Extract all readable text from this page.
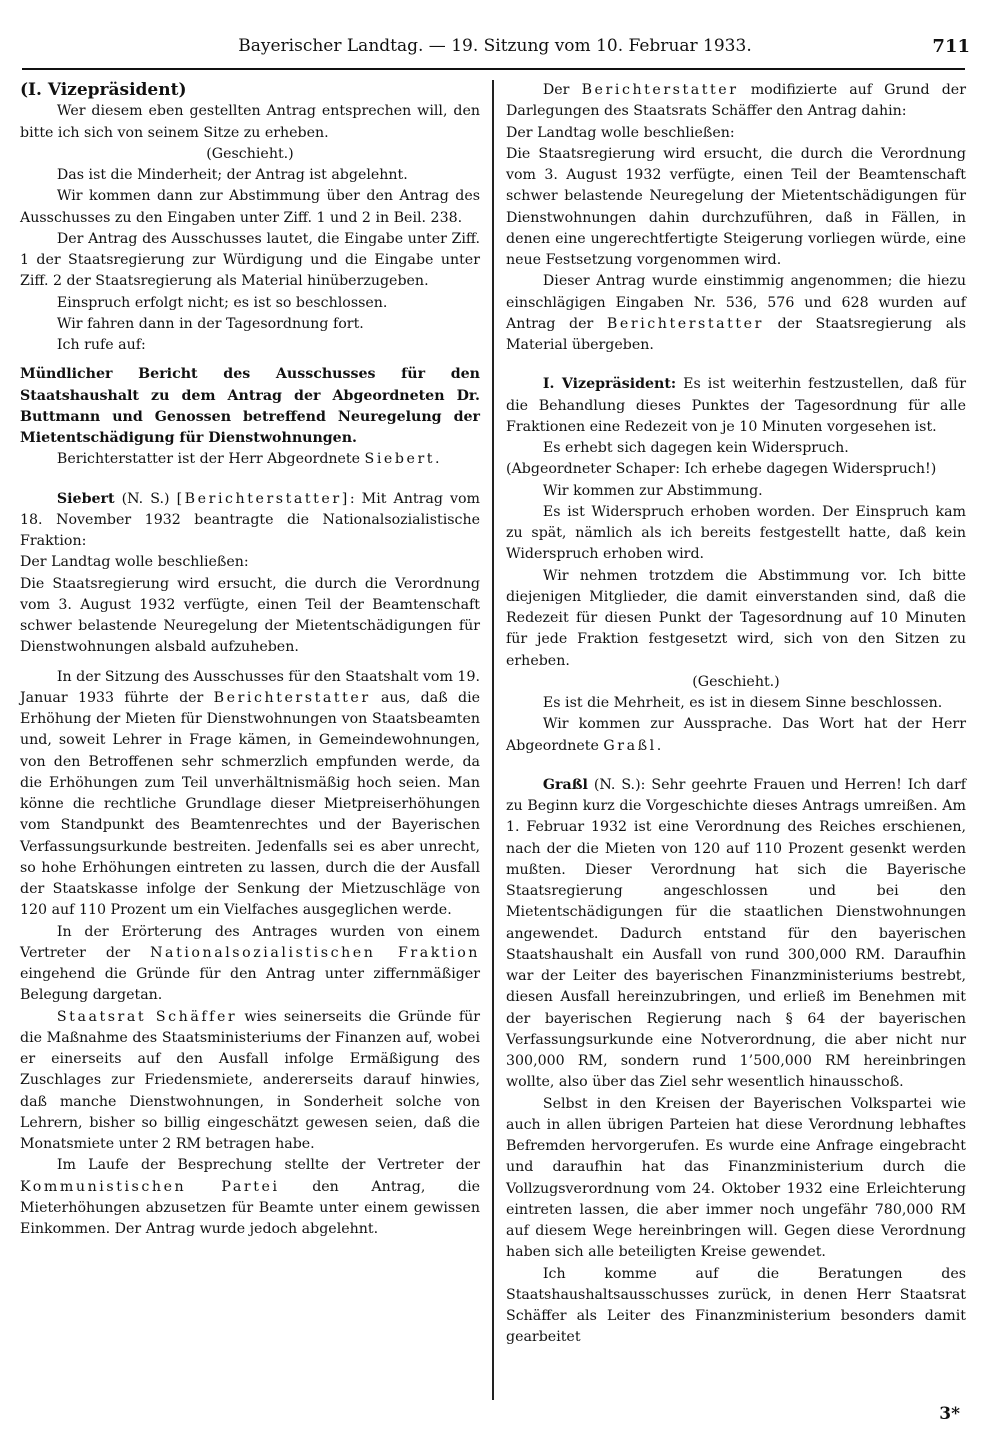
Bayerischer Landtag. — 19. Sitzung vom 10. Februar 1933.	711

(I. Vizepräsident)

Wer diesem eben gestellten Antrag entsprechen will, den bitte ich sich von seinem Sitze zu erheben.

(Geschieht.)

Das ist die Minderheit; der Antrag ist abgelehnt.

Wir kommen dann zur Abstimmung über den Antrag des Ausschusses zu den Eingaben unter Ziff. 1 und 2 in Beil. 238.

Der Antrag des Ausschusses lautet, die Eingabe unter Ziff. 1 der Staatsregierung zur Würdigung und die Eingabe unter Ziff. 2 der Staatsregierung als Material hinüberzugeben.

Einspruch erfolgt nicht; es ist so beschlossen.

Wir fahren dann in der Tagesordnung fort.

Ich rufe auf:

Mündlicher Bericht des Ausschusses für den Staatshaushalt zu dem Antrag der Abgeordneten Dr. Buttmann und Genossen betreffend Neuregelung der Mietentschädigung für Dienstwohnungen.

Berichterstatter ist der Herr Abgeordnete Siebert.

Siebert (N. S.) [Berichterstatter]: Mit Antrag vom 18. November 1932 beantragte die Nationalsozialistische Fraktion:

Der Landtag wolle beschließen:

Die Staatsregierung wird ersucht, die durch die Verordnung vom 3. August 1932 verfügte, einen Teil der Beamtenschaft schwer belastende Neuregelung der Mietentschädigungen für Dienstwohnungen alsbald aufzuheben.

In der Sitzung des Ausschusses für den Staatshalt vom 19. Januar 1933 führte der Berichterstatter aus, daß die Erhöhung der Mieten für Dienstwohnungen von Staatsbeamten und, soweit Lehrer in Frage kämen, in Gemeindewohnungen, von den Betroffenen sehr schmerzlich empfunden werde, da die Erhöhungen zum Teil unverhältnismäßig hoch seien. Man könne die rechtliche Grundlage dieser Mietpreiserhöhungen vom Standpunkt des Beamtenrechtes und der Bayerischen Verfassungsurkunde bestreiten. Jedenfalls sei es aber unrecht, so hohe Erhöhungen eintreten zu lassen, durch die der Ausfall der Staatskasse infolge der Senkung der Mietzuschläge von 120 auf 110 Prozent um ein Vielfaches ausgeglichen werde.

In der Erörterung des Antrages wurden von einem Vertreter der Nationalsozialistischen Fraktion eingehend die Gründe für den Antrag unter ziffernmäßiger Belegung dargetan.

Staatsrat Schäffer wies seinerseits die Gründe für die Maßnahme des Staatsministeriums der Finanzen auf, wobei er einerseits auf den Ausfall infolge Ermäßigung des Zuschlages zur Friedensmiete, andererseits darauf hinwies, daß manche Dienstwohnungen, in Sonderheit solche von Lehrern, bisher so billig eingeschätzt gewesen seien, daß die Monatsmiete unter 2 RM betragen habe.

Im Laufe der Besprechung stellte der Vertreter der Kommunistischen Partei den Antrag, die Mieterhöhungen abzusetzen für Beamte unter einem gewissen Einkommen. Der Antrag wurde jedoch abgelehnt.

Der Berichterstatter modifizierte auf Grund der Darlegungen des Staatsrats Schäffer den Antrag dahin:

Der Landtag wolle beschließen:

Die Staatsregierung wird ersucht, die durch die Verordnung vom 3. August 1932 verfügte, einen Teil der Beamtenschaft schwer belastende Neuregelung der Mietentschädigungen für Dienstwohnungen dahin durchzuführen, daß in Fällen, in denen eine ungerechtfertigte Steigerung vorliegen würde, eine neue Festsetzung vorgenommen wird.

Dieser Antrag wurde einstimmig angenommen; die hiezu einschlägigen Eingaben Nr. 536, 576 und 628 wurden auf Antrag der Berichterstatter der Staatsregierung als Material übergeben.

I. Vizepräsident: Es ist weiterhin festzustellen, daß für die Behandlung dieses Punktes der Tagesordnung für alle Fraktionen eine Redezeit von je 10 Minuten vorgesehen ist.

Es erhebt sich dagegen kein Widerspruch.

(Abgeordneter Schaper: Ich erhebe dagegen Widerspruch!)

Wir kommen zur Abstimmung.

Es ist Widerspruch erhoben worden. Der Einspruch kam zu spät, nämlich als ich bereits festgestellt hatte, daß kein Widerspruch erhoben wird.

Wir nehmen trotzdem die Abstimmung vor. Ich bitte diejenigen Mitglieder, die damit einverstanden sind, daß die Redezeit für diesen Punkt der Tagesordnung auf 10 Minuten für jede Fraktion festgesetzt wird, sich von den Sitzen zu erheben.

(Geschieht.)

Es ist die Mehrheit, es ist in diesem Sinne beschlossen.

Wir kommen zur Aussprache. Das Wort hat der Herr Abgeordnete Graßl.

Graßl (N. S.): Sehr geehrte Frauen und Herren! Ich darf zu Beginn kurz die Vorgeschichte dieses Antrags umreißen. Am 1. Februar 1932 ist eine Verordnung des Reiches erschienen, nach der die Mieten von 120 auf 110 Prozent gesenkt werden mußten. Dieser Verordnung hat sich die Bayerische Staatsregierung angeschlossen und bei den Mietentschädigungen für die staatlichen Dienstwohnungen angewendet. Dadurch entstand für den bayerischen Staatshaushalt ein Ausfall von rund 300,000 RM. Daraufhin war der Leiter des bayerischen Finanzministeriums bestrebt, diesen Ausfall hereinzubringen, und erließ im Benehmen mit der bayerischen Regierung nach § 64 der bayerischen Verfassungsurkunde eine Notverordnung, die aber nicht nur 300,000 RM, sondern rund 1’500,000 RM hereinbringen wollte, also über das Ziel sehr wesentlich hinausschoß.

Selbst in den Kreisen der Bayerischen Volkspartei wie auch in allen übrigen Parteien hat diese Verordnung lebhaftes Befremden hervorgerufen. Es wurde eine Anfrage eingebracht und daraufhin hat das Finanzministerium durch die Vollzugsverordnung vom 24. Oktober 1932 eine Erleichterung eintreten lassen, die aber immer noch ungefähr 780,000 RM auf diesem Wege hereinbringen will. Gegen diese Verordnung haben sich alle beteiligten Kreise gewendet.

Ich komme auf die Beratungen des Staatshaushaltsausschusses zurück, in denen Herr Staatsrat Schäffer als Leiter des Finanzministerium besonders damit gearbeitet

3*
